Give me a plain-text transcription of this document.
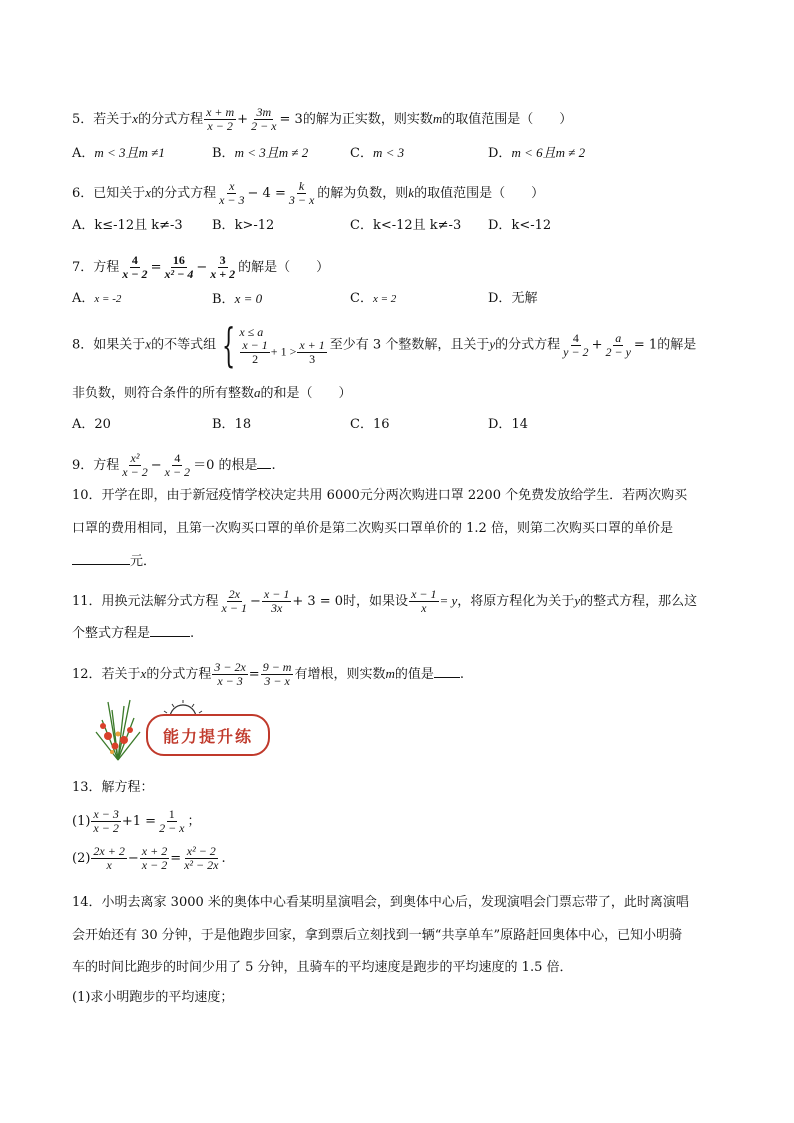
5．若关于x的分式方程 $\frac{x + m}{x - 2} + \frac{3m}{2 - x} = 3$的解为正实数，则实数m的取值范围是（　　）
A．m < 3且m ≠1	B．m < 3且m ≠ 2	C．m < 3	D．m < 6且m ≠ 2
6．已知关于x的分式方程 $\frac{x}{x - 3} - 4 = \frac{k}{3 - x}$ 的解为负数，则k的取值范围是（　　）
A．k≤-12且 k≠-3 B．k>-12	C．k<-12且 k≠-3 D．k<-12
7．方程 $\frac{4}{x - 2} = \frac{16}{\text{x² − 4}} - \frac{3}{x + 2}$ 的解是（　　）
A．x = -2	B．x = 0	C．x = 2	D．无解
8．如果关于x的不等式组 { x ≤ a
$\frac{x - 1}{2} + 1 > \frac{x + 1}{3}$ 至少有 3 个整数解，且关于y的分式方程 $\frac{4}{y - 2} + \frac{a}{2 - y} = 1$的解是
非负数，则符合条件的所有整数a的和是（　　）
A．20	B．18	C．16	D．14
9．方程 $\frac{\text{x²}}{x - 2} - \frac{4}{x - 2} =0$ 的根是 .
10．开学在即，由于新冠疫情学校决定共用 6000元分两次购进口罩 2200 个免费发放给学生．若两次购买
口罩的费用相同，且第一次购买口罩的单价是第二次购买口罩单价的 1.2 倍，则第二次购买口罩的单价是
元．
11．用换元法解分式方程 $\frac{2x}{x - 1} - \frac{x - 1}{3x} + 3 = 0$时，如果设 $\frac{x - 1}{x} = y$，将原方程化为关于y的整式方程，那么这
个整式方程是	.
12．若关于x的分式方程 $\frac{3 - 2x}{x - 3} = \frac{9 - m}{3 - x}$ 有增根，则实数m的值是 .
能力提升练
13．解方程：
$(1) \frac{x - 3}{x - 2} +1 = \frac{1}{2 - x}$ ；
$(2) \frac{2x + 2}{x} - \frac{x + 2}{x - 2} = \frac{\text{x² − 2}}{\text{x² − 2x}}$ .
14．小明去离家 3000 米的奥体中心看某明星演唱会，到奥体中心后，发现演唱会门票忘带了，此时离演唱
会开始还有 30 分钟，于是他跑步回家，拿到票后立刻找到一辆“共享单车”原路赶回奥体中心，已知小明骑
车的时间比跑步的时间少用了 5 分钟，且骑车的平均速度是跑步的平均速度的 1.5 倍．
(1)求小明跑步的平均速度；
